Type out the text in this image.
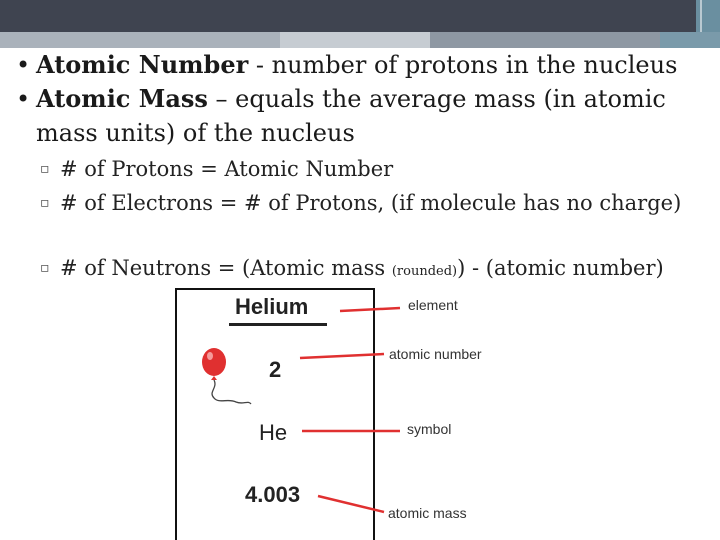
• Atomic Number - number of protons in the nucleus
• Atomic Mass – equals the average mass (in atomic mass units) of the nucleus
▫ # of Protons = Atomic Number
▫ # of Electrons = # of Protons, (if molecule has no charge)
▫ # of Neutrons = (Atomic mass (rounded)) - (atomic number)
Helium
2
He
4.003
element
atomic number
symbol
atomic mass
